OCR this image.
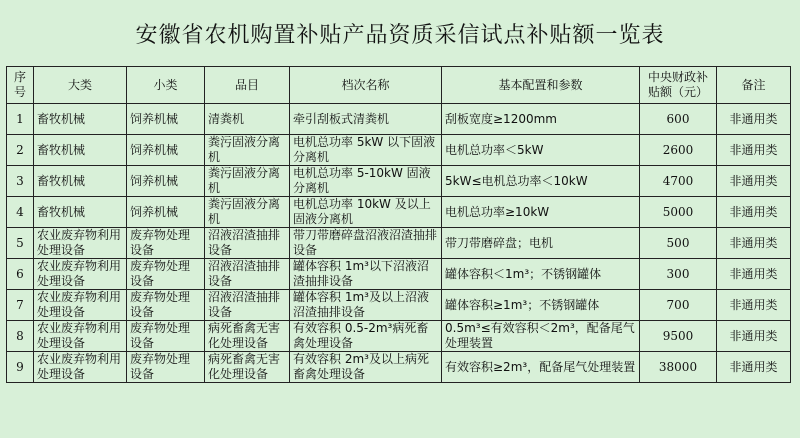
安徽省农机购置补贴产品资质采信试点补贴额一览表
序号	大类	小类	品目	档次名称	基本配置和参数	中央财政补贴额（元）	备注
1	畜牧机械	饲养机械	清粪机	牵引刮板式清粪机	刮板宽度≥1200mm	600	非通用类
2	畜牧机械	饲养机械	粪污固液分离机	电机总功率 5kW 以下固液分离机	电机总功率＜5kW	2600	非通用类
3	畜牧机械	饲养机械	粪污固液分离机	电机总功率 5-10kW 固液分离机	5kW≤电机总功率＜10kW	4700	非通用类
4	畜牧机械	饲养机械	粪污固液分离机	电机总功率 10kW 及以上固液分离机	电机总功率≥10kW	5000	非通用类
5	农业废弃物利用处理设备	废弃物处理设备	沼液沼渣抽排设备	带刀带磨碎盘沼液沼渣抽排设备	带刀带磨碎盘；电机	500	非通用类
6	农业废弃物利用处理设备	废弃物处理设备	沼液沼渣抽排设备	罐体容积 1m³以下沼液沼渣抽排设备	罐体容积＜1m³；不锈钢罐体	300	非通用类
7	农业废弃物利用处理设备	废弃物处理设备	沼液沼渣抽排设备	罐体容积 1m³及以上沼液沼渣抽排设备	罐体容积≥1m³；不锈钢罐体	700	非通用类
8	农业废弃物利用处理设备	废弃物处理设备	病死畜禽无害化处理设备	有效容积 0.5-2m³病死畜禽处理设备	0.5m³≤有效容积＜2m³，配备尾气处理装置	9500	非通用类
9	农业废弃物利用处理设备	废弃物处理设备	病死畜禽无害化处理设备	有效容积 2m³及以上病死畜禽处理设备	有效容积≥2m³，配备尾气处理装置	38000	非通用类
